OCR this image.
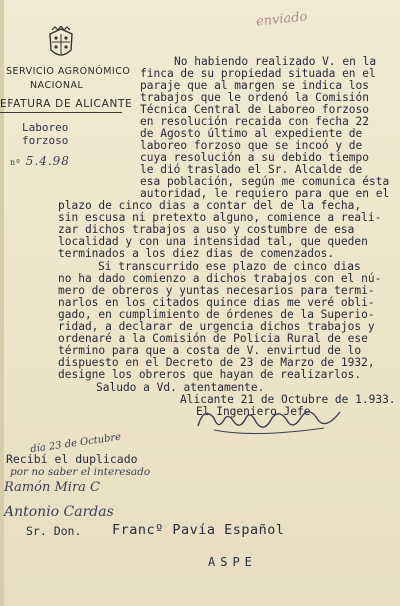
SERVICIO AGRONÓMICO
NACIONAL
EFATURA DE ALICANTE
Laboreo
forzoso
nº 5.4.98
enviado
No habiendo realizado V. en la
finca de su propiedad situada en el
paraje que al margen se indica los
trabajos que le ordenó la Comisión
Técnica Central de Laboreo forzoso
en resolución recaida con fecha 22
de Agosto último al expediente de
laboreo forzoso que se incoó y de
cuya resolución a su debido tiempo
le dió traslado el Sr. Alcalde de
esa población, según me comunica ésta
autoridad, le requiero para que en el
plazo de cinco dias a contar del de la fecha,
sin escusa ni pretexto alguno, comience a reali-
zar dichos trabajos a uso y costumbre de esa
localidad y con una intensidad tal, que queden
terminados a los diez dias de comenzados.
Si transcurrido ese plazo de cinco dias
no ha dado comienzo a dichos trabajos con el nú-
mero de obreros y yuntas necesarios para termi-
narlos en los citados quince dias me veré obli-
gado, en cumplimiento de órdenes de la Superio-
ridad, a declarar de urgencia dichos trabajos y
ordenaré a la Comisión de Policia Rural de ese
término para que a costa de V. envirtud de lo
dispuesto en el Decreto de 23 de Marzo de 1932,
designe los obreros que hayan de realizarlos.
Saludo a Vd. atentamente.
Alicante 21 de Octubre de 1.933.
El Ingeniero Jefe
día 23 de Octubre
Recibí el duplicado
por no saber el interesado
Ramón Mira C
Antonio Cardas
Sr. Don. Francº Pavía Español
ASPE
